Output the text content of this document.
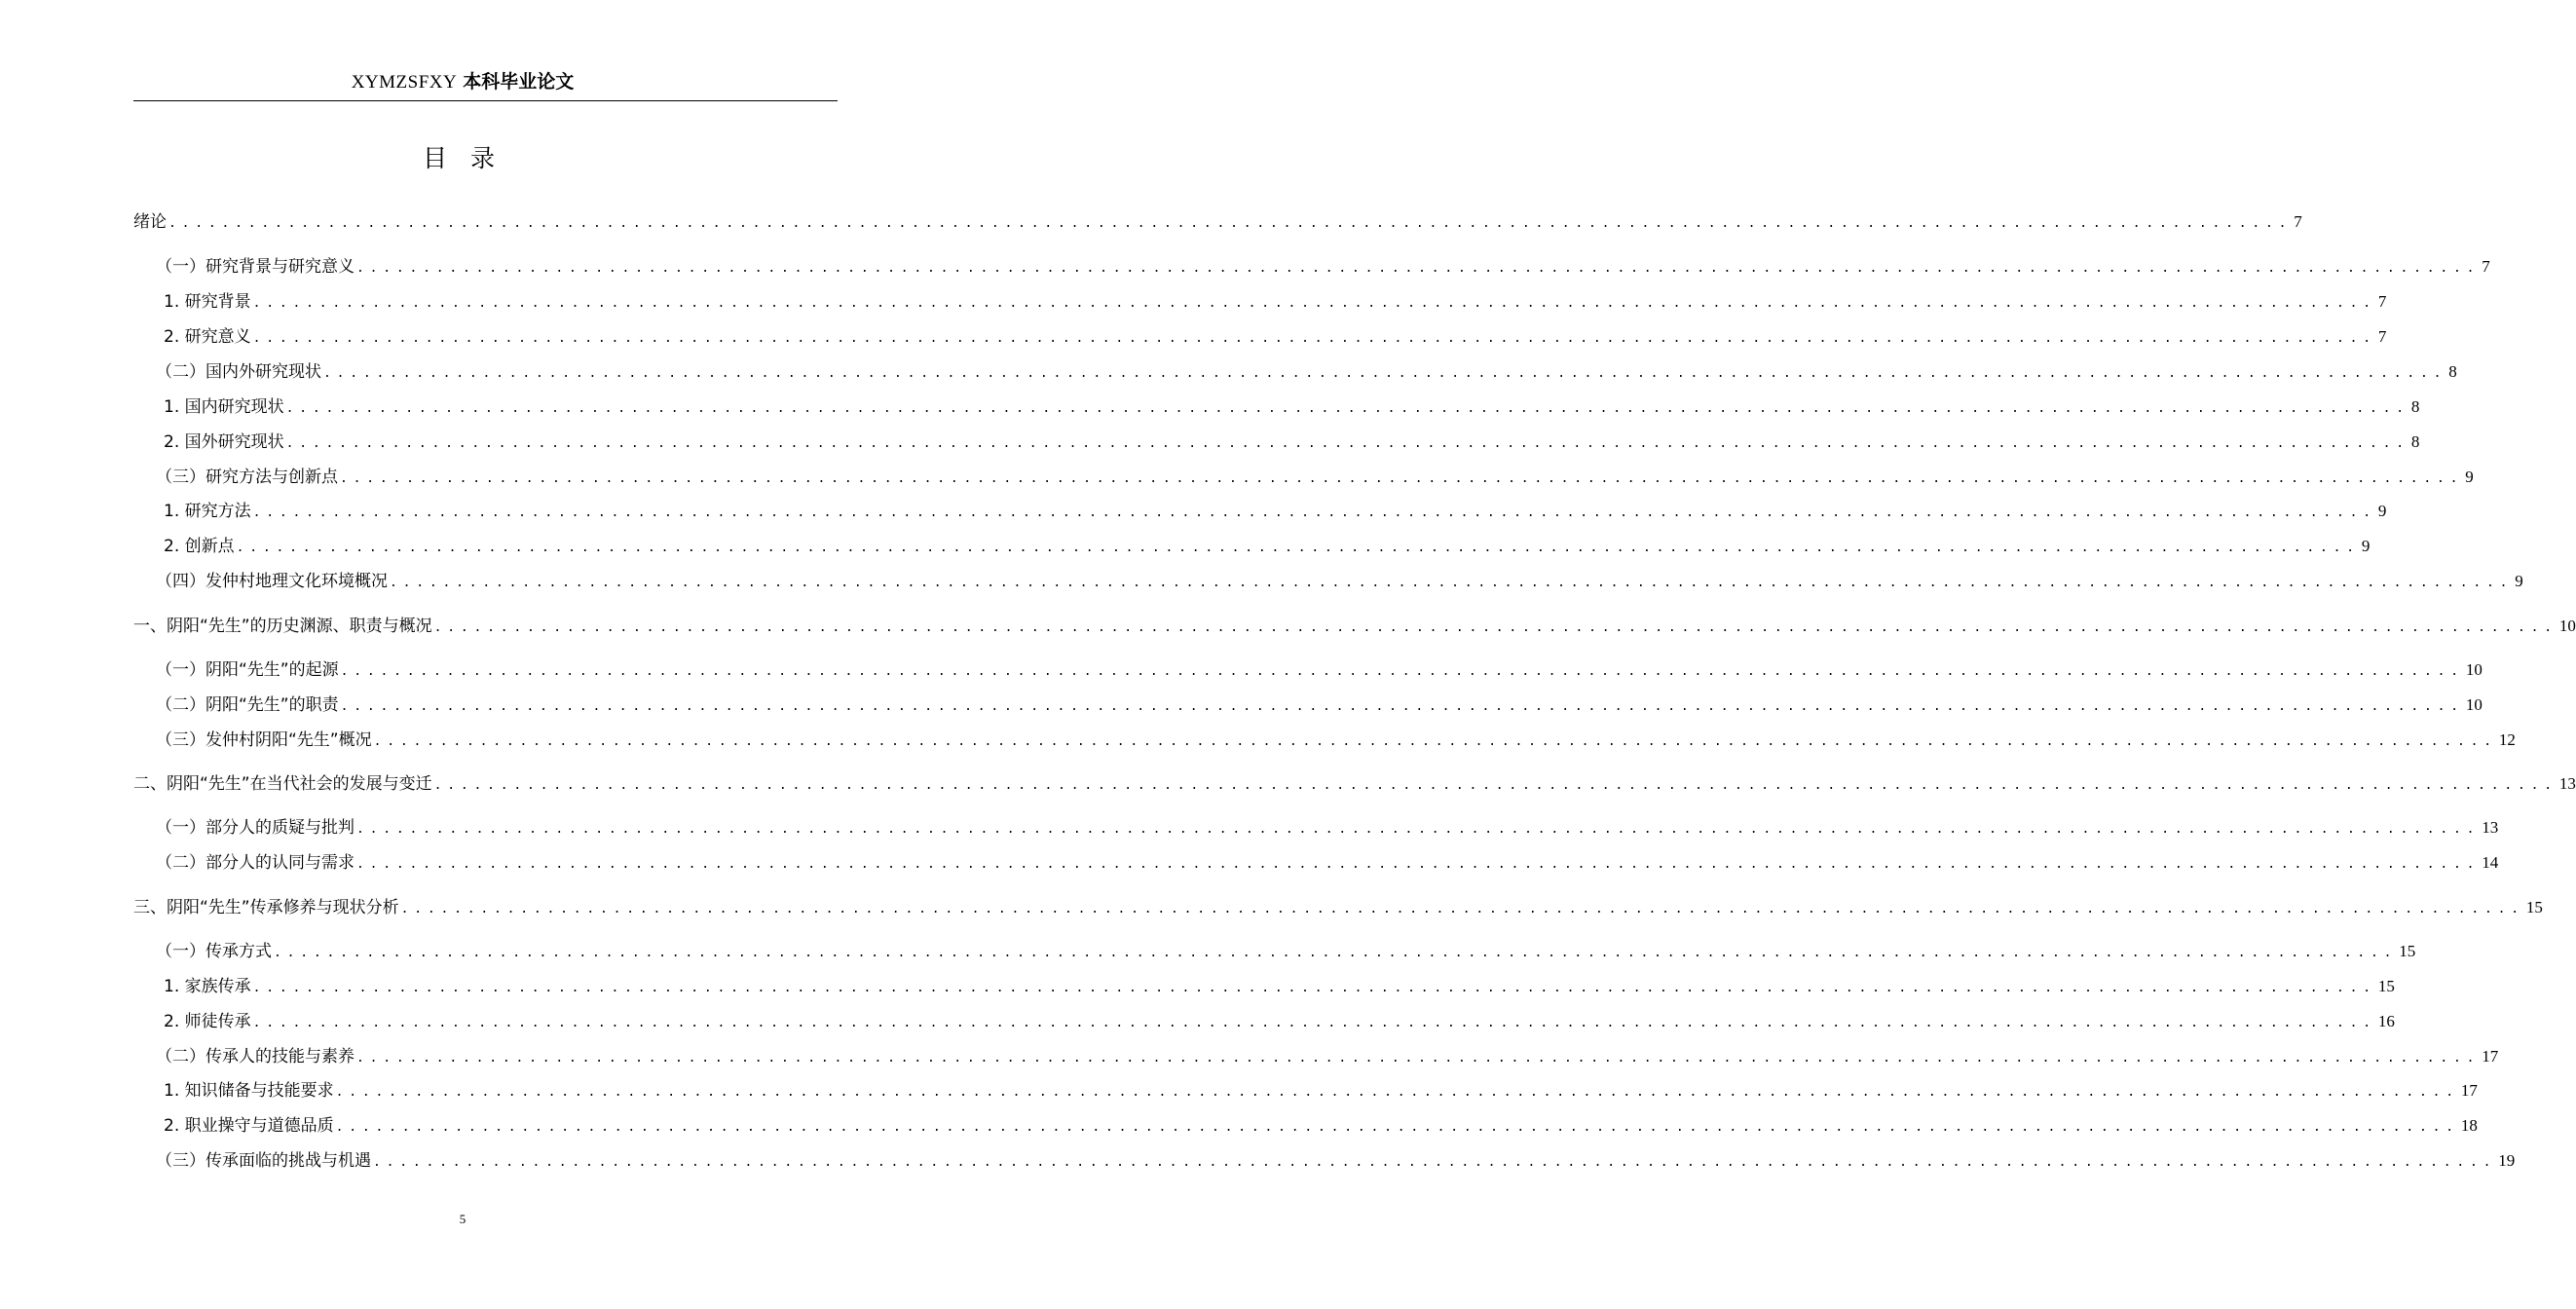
XYMZSFXY 本科毕业论文
目 录
绪论 ................................................................................................................................................................ 7
（一）研究背景与研究意义 ................................................................................................................................................................ 7
1. 研究背景 ................................................................................................................................................................ 7
2. 研究意义 ................................................................................................................................................................ 7
（二）国内外研究现状 ................................................................................................................................................................ 8
1. 国内研究现状 ................................................................................................................................................................ 8
2. 国外研究现状 ................................................................................................................................................................ 8
（三）研究方法与创新点 ................................................................................................................................................................ 9
1. 研究方法 ................................................................................................................................................................ 9
2. 创新点 ................................................................................................................................................................ 9
（四）发仲村地理文化环境概况 ................................................................................................................................................................ 9
一、阴阳“先生”的历史渊源、职责与概况 ................................................................................................................................................................ 10
（一）阴阳“先生”的起源 ................................................................................................................................................................ 10
（二）阴阳“先生”的职责 ................................................................................................................................................................ 10
（三）发仲村阴阳“先生”概况 ................................................................................................................................................................ 12
二、阴阳“先生”在当代社会的发展与变迁 ................................................................................................................................................................ 13
（一）部分人的质疑与批判 ................................................................................................................................................................ 13
（二）部分人的认同与需求 ................................................................................................................................................................ 14
三、阴阳“先生”传承修养与现状分析 ................................................................................................................................................................ 15
（一）传承方式 ................................................................................................................................................................ 15
1. 家族传承 ................................................................................................................................................................ 15
2. 师徒传承 ................................................................................................................................................................ 16
（二）传承人的技能与素养 ................................................................................................................................................................ 17
1. 知识储备与技能要求 ................................................................................................................................................................ 17
2. 职业操守与道德品质 ................................................................................................................................................................ 18
（三）传承面临的挑战与机遇 ................................................................................................................................................................ 19
5
